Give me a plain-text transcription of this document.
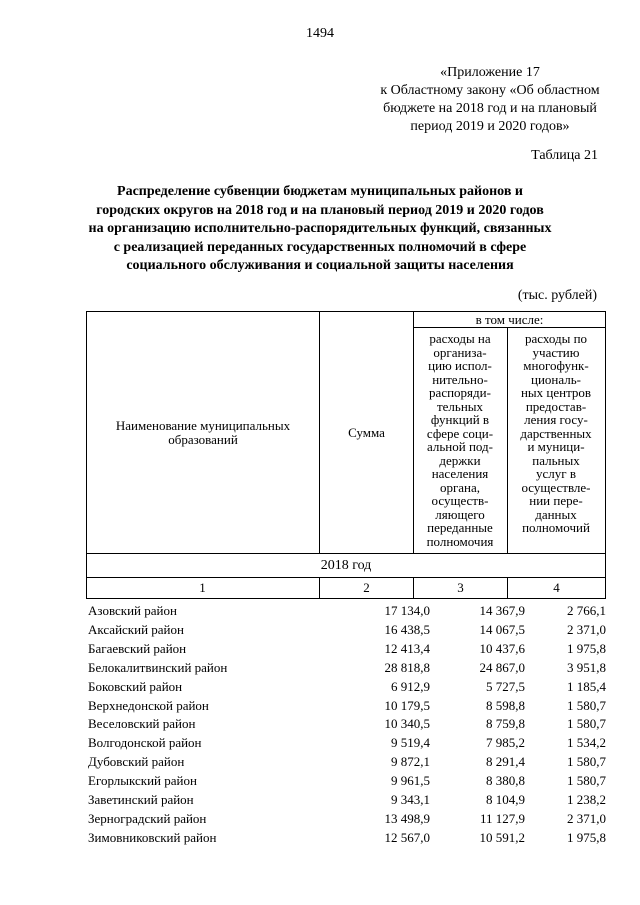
1494
«Приложение 17
к Областному закону «Об областном
бюджете на 2018 год и на плановый
период 2019 и 2020 годов»
Таблица 21
Распределение субвенции бюджетам муниципальных районов и
городских округов на 2018 год и на плановый период 2019 и 2020 годов
на организацию исполнительно-распорядительных функций, связанных
с реализацией переданных государственных полномочий в сфере
социального обслуживания и социальной защиты населения
(тыс. рублей)
Наименование муниципальных
образований	Сумма
в том числе:
расходы на
организа-
цию испол-
нительно-
распоряди-
тельных
функций в
сфере соци-
альной под-
держки
населения
органа,
осуществ-
ляющего
переданные
полномочия
расходы по
участию
многофунк-
циональ-
ных центров
предостав-
ления госу-
дарственных
и муници-
пальных
услуг в
осуществле-
нии пере-
данных
полномочий
2018 год
1	2	3	4
Азовский район	17 134,0	14 367,9	2 766,1
Аксайский район	16 438,5	14 067,5	2 371,0
Багаевский район	12 413,4	10 437,6	1 975,8
Белокалитвинский район	28 818,8	24 867,0	3 951,8
Боковский район	6 912,9	5 727,5	1 185,4
Верхнедонской район	10 179,5	8 598,8	1 580,7
Веселовский район	10 340,5	8 759,8	1 580,7
Волгодонской район	9 519,4	7 985,2	1 534,2
Дубовский район	9 872,1	8 291,4	1 580,7
Егорлыкский район	9 961,5	8 380,8	1 580,7
Заветинский район	9 343,1	8 104,9	1 238,2
Зерноградский район	13 498,9	11 127,9	2 371,0
Зимовниковский район	12 567,0	10 591,2	1 975,8
